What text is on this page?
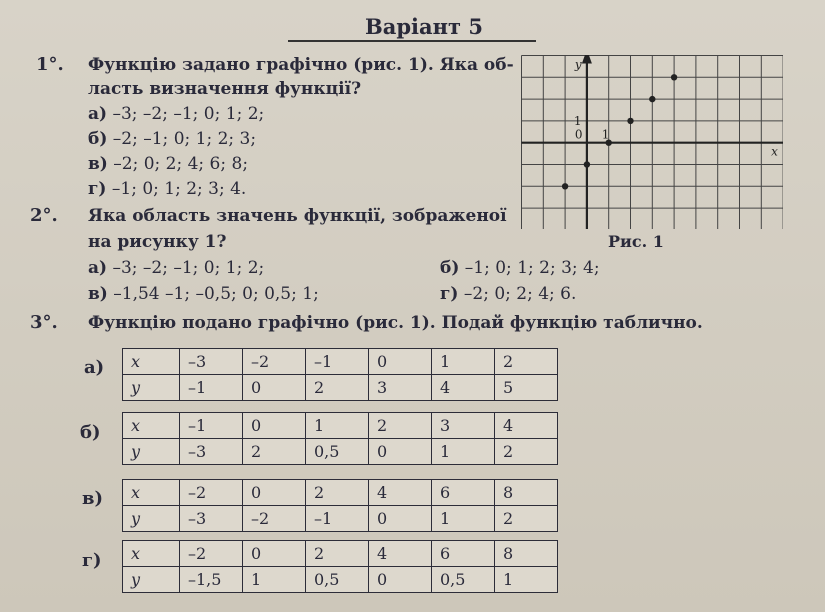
Варіант 5
1°. Функцію задано графічно (рис. 1). Яка об-
ласть визначення функції?
а) –3; –2; –1; 0; 1; 2;
б) –2; –1; 0; 1; 2; 3;
в) –2; 0; 2; 4; 6; 8;
г) –1; 0; 1; 2; 3; 4.
2°. Яка область значень функції, зображеної
на рисунку 1?
а) –3; –2; –1; 0; 1; 2;	б) –1; 0; 1; 2; 3; 4;
в) –1,54 –1; –0,5; 0; 0,5; 1;	г) –2; 0; 2; 4; 6.
3°. Функцію подано графічно (рис. 1). Подай функцію таблично.
y
x
0 1
1
Рис. 1
а) x	–3	–2	–1	0	1	2
y	–1	0	2	3	4	5
б) x	–1	0	1	2	3	4
y	–3	2	0,5	0	1	2
в) x	–2	0	2	4	6	8
y	–3	–2	–1	0	1	2
г) x	–2	0	2	4	6	8
y	–1,5	1	0,5	0	0,5	1
